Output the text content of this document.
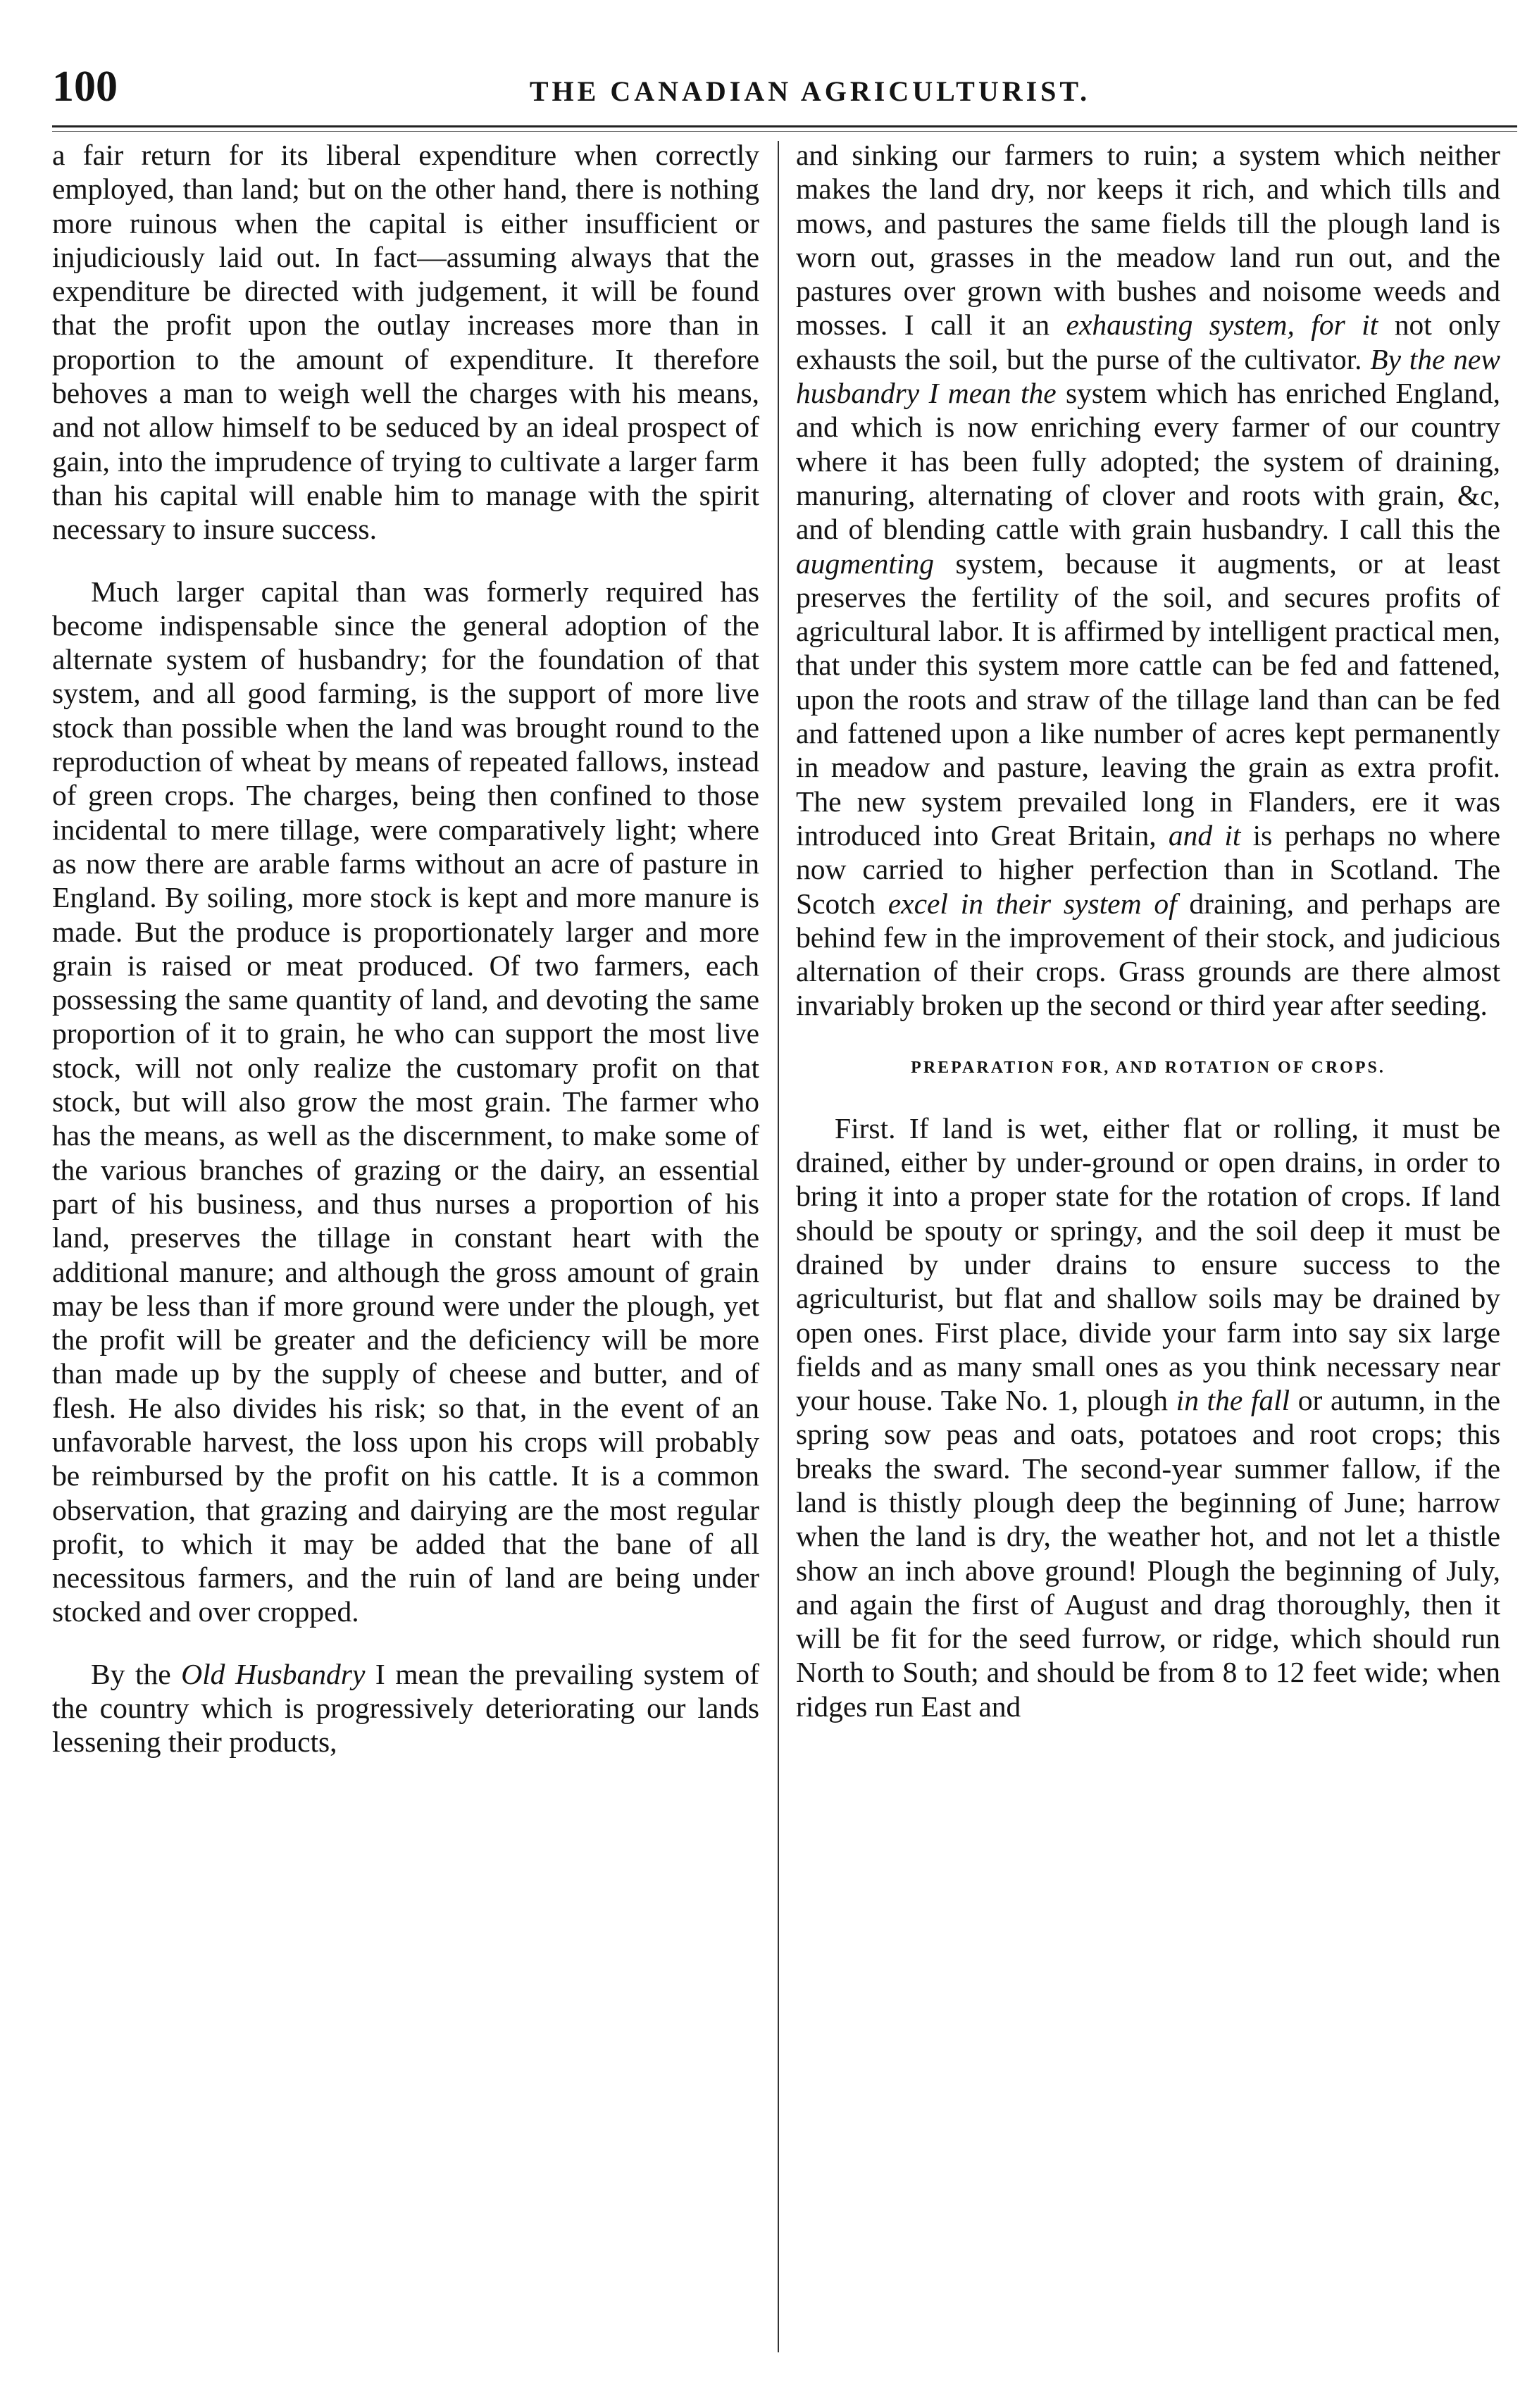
100	THE CANADIAN AGRICULTURIST.

a fair return for its liberal expenditure when correctly employed, than land; but on the other hand, there is nothing more ruinous when the capital is either insufficient or injudiciously laid out. In fact—assuming always that the expenditure be directed with judgement, it will be found that the profit upon the outlay increases more than in proportion to the amount of expenditure. It therefore behoves a man to weigh well the charges with his means, and not allow himself to be seduced by an ideal prospect of gain, into the imprudence of trying to cultivate a larger farm than his capital will enable him to manage with the spirit necessary to insure success.

Much larger capital than was formerly required has become indispensable since the general adoption of the alternate system of husbandry; for the foundation of that system, and all good farming, is the support of more live stock than possible when the land was brought round to the reproduction of wheat by means of repeated fallows, instead of green crops. The charges, being then confined to those incidental to mere tillage, were comparatively light; where as now there are arable farms without an acre of pasture in England. By soiling, more stock is kept and more manure is made. But the produce is proportionately larger and more grain is raised or meat produced. Of two farmers, each possessing the same quantity of land, and devoting the same proportion of it to grain, he who can support the most live stock, will not only realize the customary profit on that stock, but will also grow the most grain. The farmer who has the means, as well as the discernment, to make some of the various branches of grazing or the dairy, an essential part of his business, and thus nurses a proportion of his land, preserves the tillage in constant heart with the additional manure; and although the gross amount of grain may be less than if more ground were under the plough, yet the profit will be greater and the deficiency will be more than made up by the supply of cheese and butter, and of flesh. He also divides his risk; so that, in the event of an unfavorable harvest, the loss upon his crops will probably be reimbursed by the profit on his cattle. It is a common observation, that grazing and dairying are the most regular profit, to which it may be added that the bane of all necessitous farmers, and the ruin of land are being under stocked and over cropped.

By the Old Husbandry I mean the prevailing system of the country which is progressively deteriorating our lands lessening their products,

and sinking our farmers to ruin; a system which neither makes the land dry, nor keeps it rich, and which tills and mows, and pastures the same fields till the plough land is worn out, grasses in the meadow land run out, and the pastures over grown with bushes and noisome weeds and mosses. I call it an exhausting system, for it not only exhausts the soil, but the purse of the cultivator. By the new husbandry I mean the system which has enriched England, and which is now enriching every farmer of our country where it has been fully adopted; the system of draining, manuring, alternating of clover and roots with grain, &c, and of blending cattle with grain husbandry. I call this the augmenting system, because it augments, or at least preserves the fertility of the soil, and secures profits of agricultural labor. It is affirmed by intelligent practical men, that under this system more cattle can be fed and fattened, upon the roots and straw of the tillage land than can be fed and fattened upon a like number of acres kept permanently in meadow and pasture, leaving the grain as extra profit. The new system prevailed long in Flanders, ere it was introduced into Great Britain, and it is perhaps no where now carried to higher perfection than in Scotland. The Scotch excel in their system of draining, and perhaps are behind few in the improvement of their stock, and judicious alternation of their crops. Grass grounds are there almost invariably broken up the second or third year after seeding.

PREPARATION FOR, AND ROTATION OF CROPS.

First. If land is wet, either flat or rolling, it must be drained, either by under-ground or open drains, in order to bring it into a proper state for the rotation of crops. If land should be spouty or springy, and the soil deep it must be drained by under drains to ensure success to the agriculturist, but flat and shallow soils may be drained by open ones. First place, divide your farm into say six large fields and as many small ones as you think necessary near your house. Take No. 1, plough in the fall or autumn, in the spring sow peas and oats, potatoes and root crops; this breaks the sward. The second-year summer fallow, if the land is thistly plough deep the beginning of June; harrow when the land is dry, the weather hot, and not let a thistle show an inch above ground! Plough the beginning of July, and again the first of August and drag thoroughly, then it will be fit for the seed furrow, or ridge, which should run North to South; and should be from 8 to 12 feet wide; when ridges run East and
